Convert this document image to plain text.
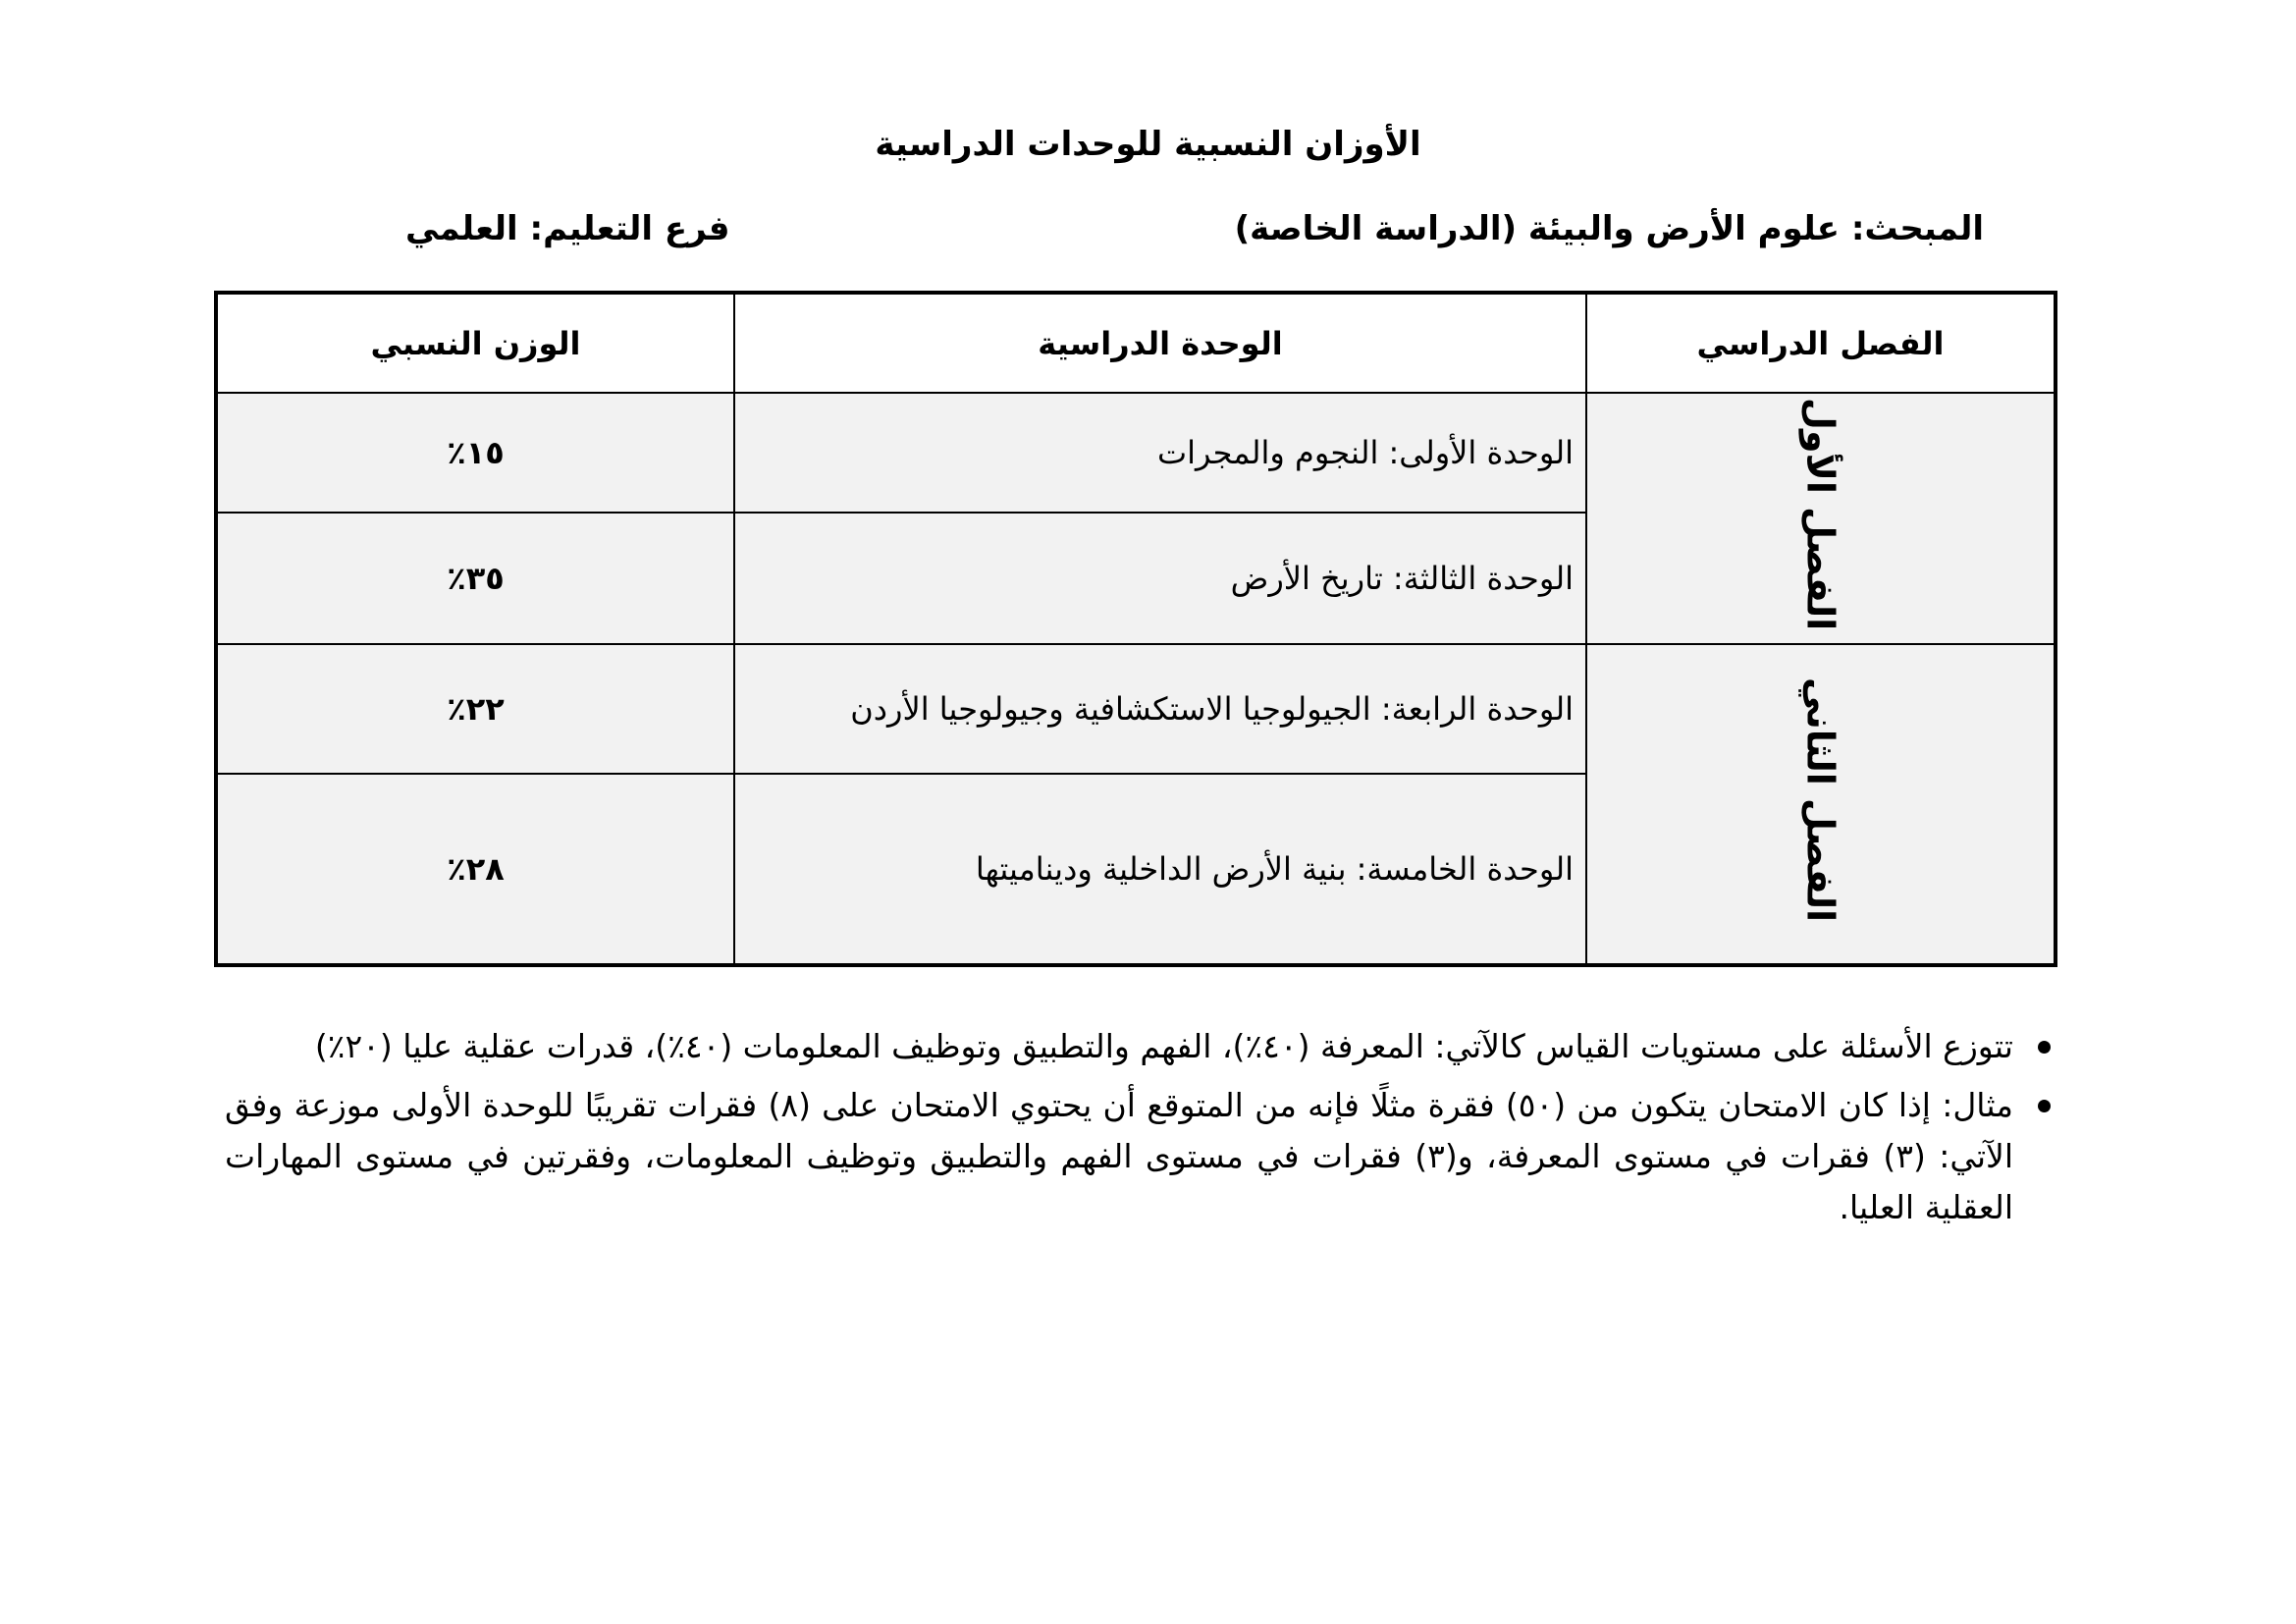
الأوزان النسبية للوحدات الدراسية
المبحث: علوم الأرض والبيئة (الدراسة الخاصة)
فرع التعليم: العلمي
الفصل الدراسي	الوحدة الدراسية	الوزن النسبي
الفصل الأول	الوحدة الأولى: النجوم والمجرات	١٥٪
	الوحدة الثالثة: تاريخ الأرض	٣٥٪
الفصل الثاني	الوحدة الرابعة: الجيولوجيا الاستكشافية وجيولوجيا الأردن	٢٢٪
	الوحدة الخامسة: بنية الأرض الداخلية وديناميتها	٢٨٪
تتوزع الأسئلة على مستويات القياس كالآتي: المعرفة (٤٠٪)، الفهم والتطبيق وتوظيف المعلومات (٤٠٪)، قدرات عقلية عليا (٢٠٪)
مثال: إذا كان الامتحان يتكون من (٥٠) فقرة مثلًا فإنه من المتوقع أن يحتوي الامتحان على (٨) فقرات تقريبًا للوحدة الأولى موزعة وفق الآتي: (٣) فقرات في مستوى المعرفة، و(٣) فقرات في مستوى الفهم والتطبيق وتوظيف المعلومات، وفقرتين في مستوى المهارات العقلية العليا.
